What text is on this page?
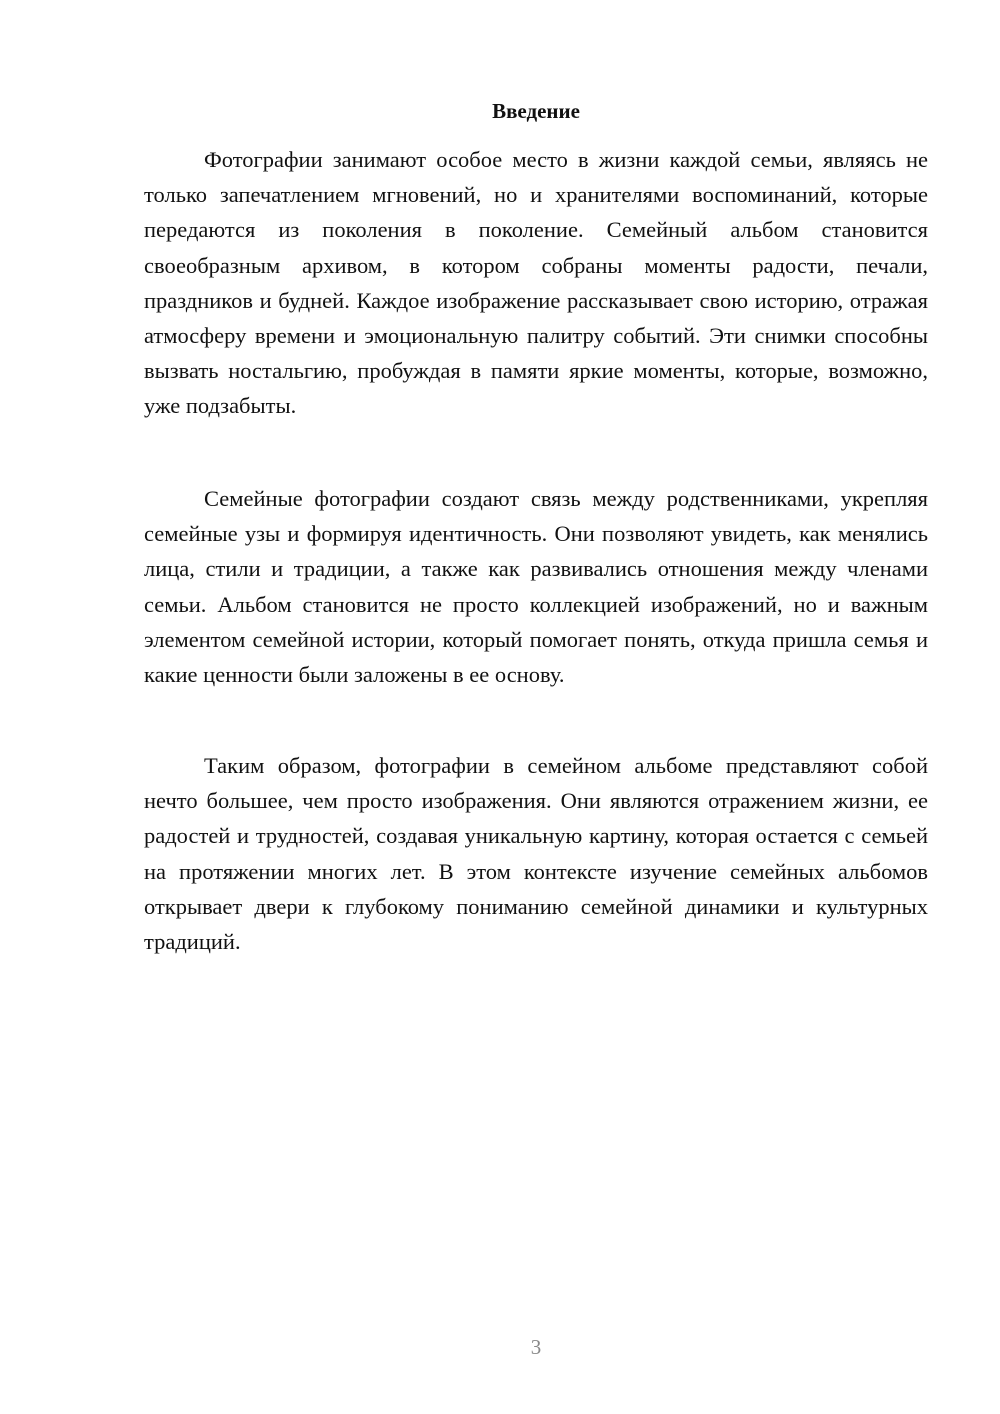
Введение

Фотографии занимают особое место в жизни каждой семьи, являясь не только запечатлением мгновений, но и хранителями воспоминаний, которые передаются из поколения в поколение. Семейный альбом становится своеобразным архивом, в котором собраны моменты радости, печали, праздников и будней. Каждое изображение рассказывает свою историю, отражая атмосферу времени и эмоциональную палитру событий. Эти снимки способны вызвать ностальгию, пробуждая в памяти яркие моменты, которые, возможно, уже подзабыты.

Семейные фотографии создают связь между родственниками, укрепляя семейные узы и формируя идентичность. Они позволяют увидеть, как менялись лица, стили и традиции, а также как развивались отношения между членами семьи. Альбом становится не просто коллекцией изображений, но и важным элементом семейной истории, который помогает понять, откуда пришла семья и какие ценности были заложены в ее основу.

Таким образом, фотографии в семейном альбоме представляют собой нечто большее, чем просто изображения. Они являются отражением жизни, ее радостей и трудностей, создавая уникальную картину, которая остается с семьей на протяжении многих лет. В этом контексте изучение семейных альбомов открывает двери к глубокому пониманию семейной динамики и культурных традиций.

3
